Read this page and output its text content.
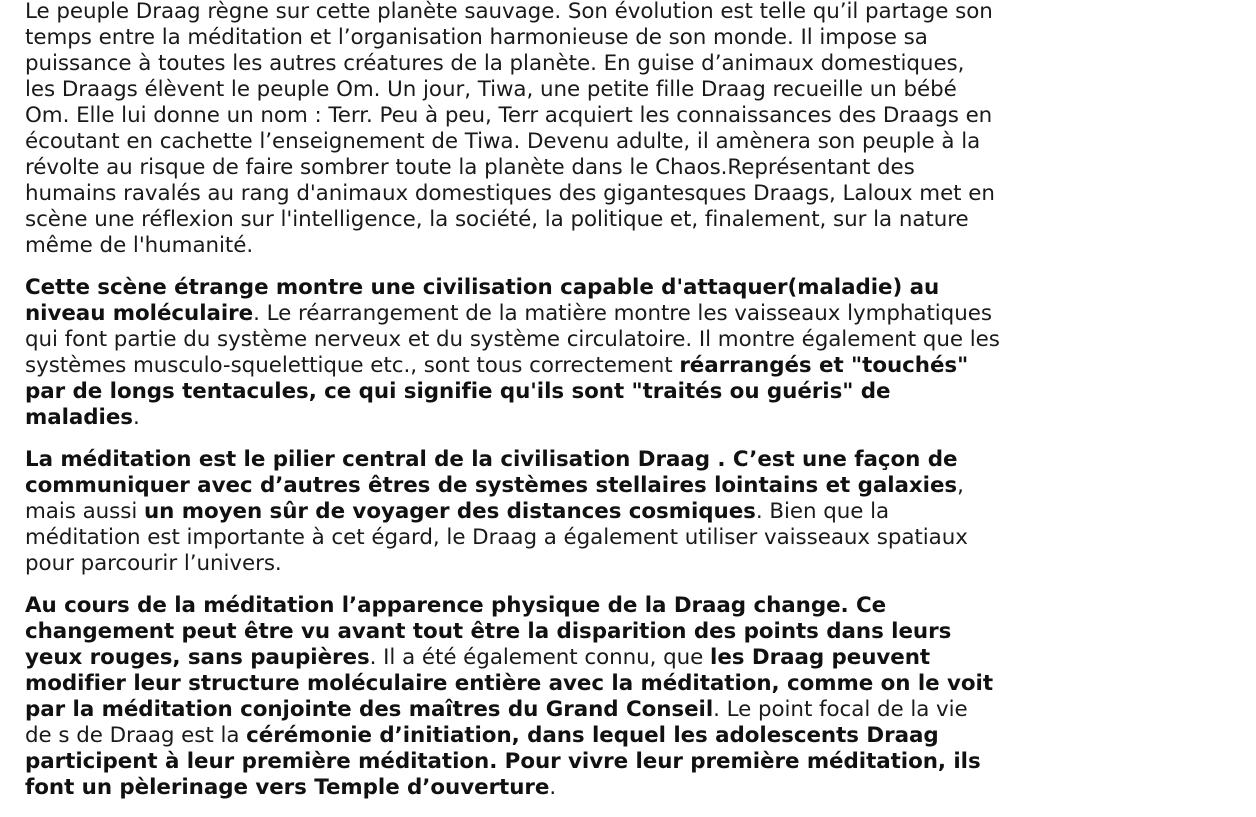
Le peuple Draag règne sur cette planète sauvage. Son évolution est telle qu’il partage son temps entre la méditation et l’organisation harmonieuse de son monde. Il impose sa puissance à toutes les autres créatures de la planète. En guise d’animaux domestiques, les Draags élèvent le peuple Om. Un jour, Tiwa, une petite fille Draag recueille un bébé Om. Elle lui donne un nom : Terr. Peu à peu, Terr acquiert les connaissances des Draags en écoutant en cachette l’enseignement de Tiwa. Devenu adulte, il amènera son peuple à la révolte au risque de faire sombrer toute la planète dans le Chaos.Représentant des humains ravalés au rang d'animaux domestiques des gigantesques Draags, Laloux met en scène une réflexion sur l'intelligence, la société, la politique et, finalement, sur la nature même de l'humanité.

Cette scène étrange montre une civilisation capable d'attaquer(maladie) au niveau moléculaire. Le réarrangement de la matière montre les vaisseaux lymphatiques qui font partie du système nerveux et du système circulatoire. Il montre également que les systèmes musculo-squelettique etc., sont tous correctement réarrangés et "touchés" par de longs tentacules, ce qui signifie qu'ils sont "traités ou guéris" de maladies.

La méditation est le pilier central de la civilisation Draag . C’est une façon de communiquer avec d’autres êtres de systèmes stellaires lointains et galaxies, mais aussi un moyen sûr de voyager des distances cosmiques. Bien que la méditation est importante à cet égard, le Draag a également utiliser vaisseaux spatiaux pour parcourir l’univers.

Au cours de la méditation l’apparence physique de la Draag change. Ce changement peut être vu avant tout être la disparition des points dans leurs yeux rouges, sans paupières. Il a été également connu, que les Draag peuvent modifier leur structure moléculaire entière avec la méditation, comme on le voit par la méditation conjointe des maîtres du Grand Conseil. Le point focal de la vie de s de Draag est la cérémonie d’initiation, dans lequel les adolescents Draag participent à leur première méditation. Pour vivre leur première méditation, ils font un pèlerinage vers Temple d’ouverture.
